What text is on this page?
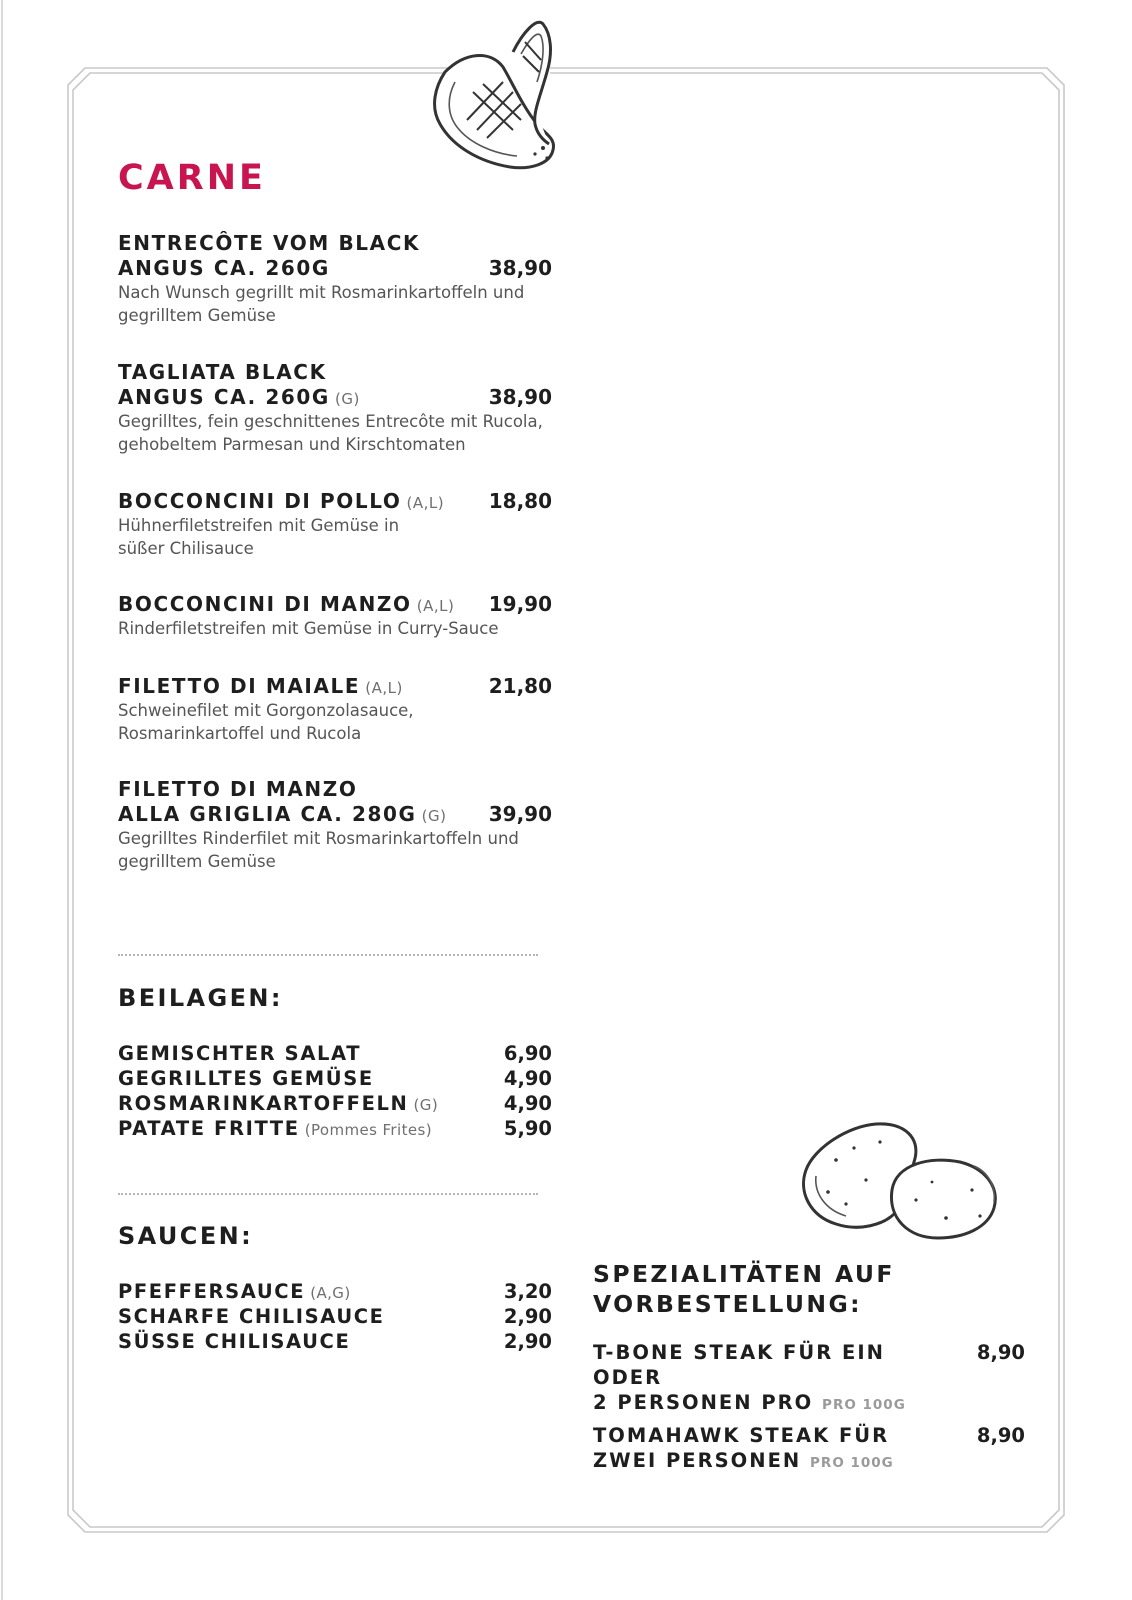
CARNE
ENTRECÔTE VOM BLACK
ANGUS CA. 260G	38,90
Nach Wunsch gegrillt mit Rosmarinkartoffeln und gegrilltem Gemüse
TAGLIATA BLACK
ANGUS CA. 260G (G)	38,90
Gegrilltes, fein geschnittenes Entrecôte mit Rucola, gehobeltem Parmesan und Kirschtomaten
BOCCONCINI DI POLLO (A,L) 18,80
Hühnerfiletstreifen mit Gemüse in süßer Chilisauce
BOCCONCINI DI MANZO (A,L) 19,90
Rinderfiletstreifen mit Gemüse in Curry-Sauce
FILETTO DI MAIALE (A,L)	21,80
Schweinefilet mit Gorgonzolasauce, Rosmarinkartoffel und Rucola
FILETTO DI MANZO
ALLA GRIGLIA CA. 280G (G) 39,90
Gegrilltes Rinderfilet mit Rosmarinkartoffeln und gegrilltem Gemüse
BEILAGEN:
GEMISCHTER SALAT	6,90
GEGRILLTES GEMÜSE	4,90
ROSMARINKARTOFFELN (G)	4,90
PATATE FRITTE (Pommes Frites)	5,90
SAUCEN:
PFEFFERSAUCE (A,G)	3,20
SCHARFE CHILISAUCE	2,90
SÜSSE CHILISAUCE	2,90
SPEZIALITÄTEN AUF
VORBESTELLUNG:
T-BONE STEAK FÜR EIN ODER
2 PERSONEN PRO PRO 100G
8,90
TOMAHAWK STEAK FÜR
ZWEI PERSONEN PRO 100G
8,90
